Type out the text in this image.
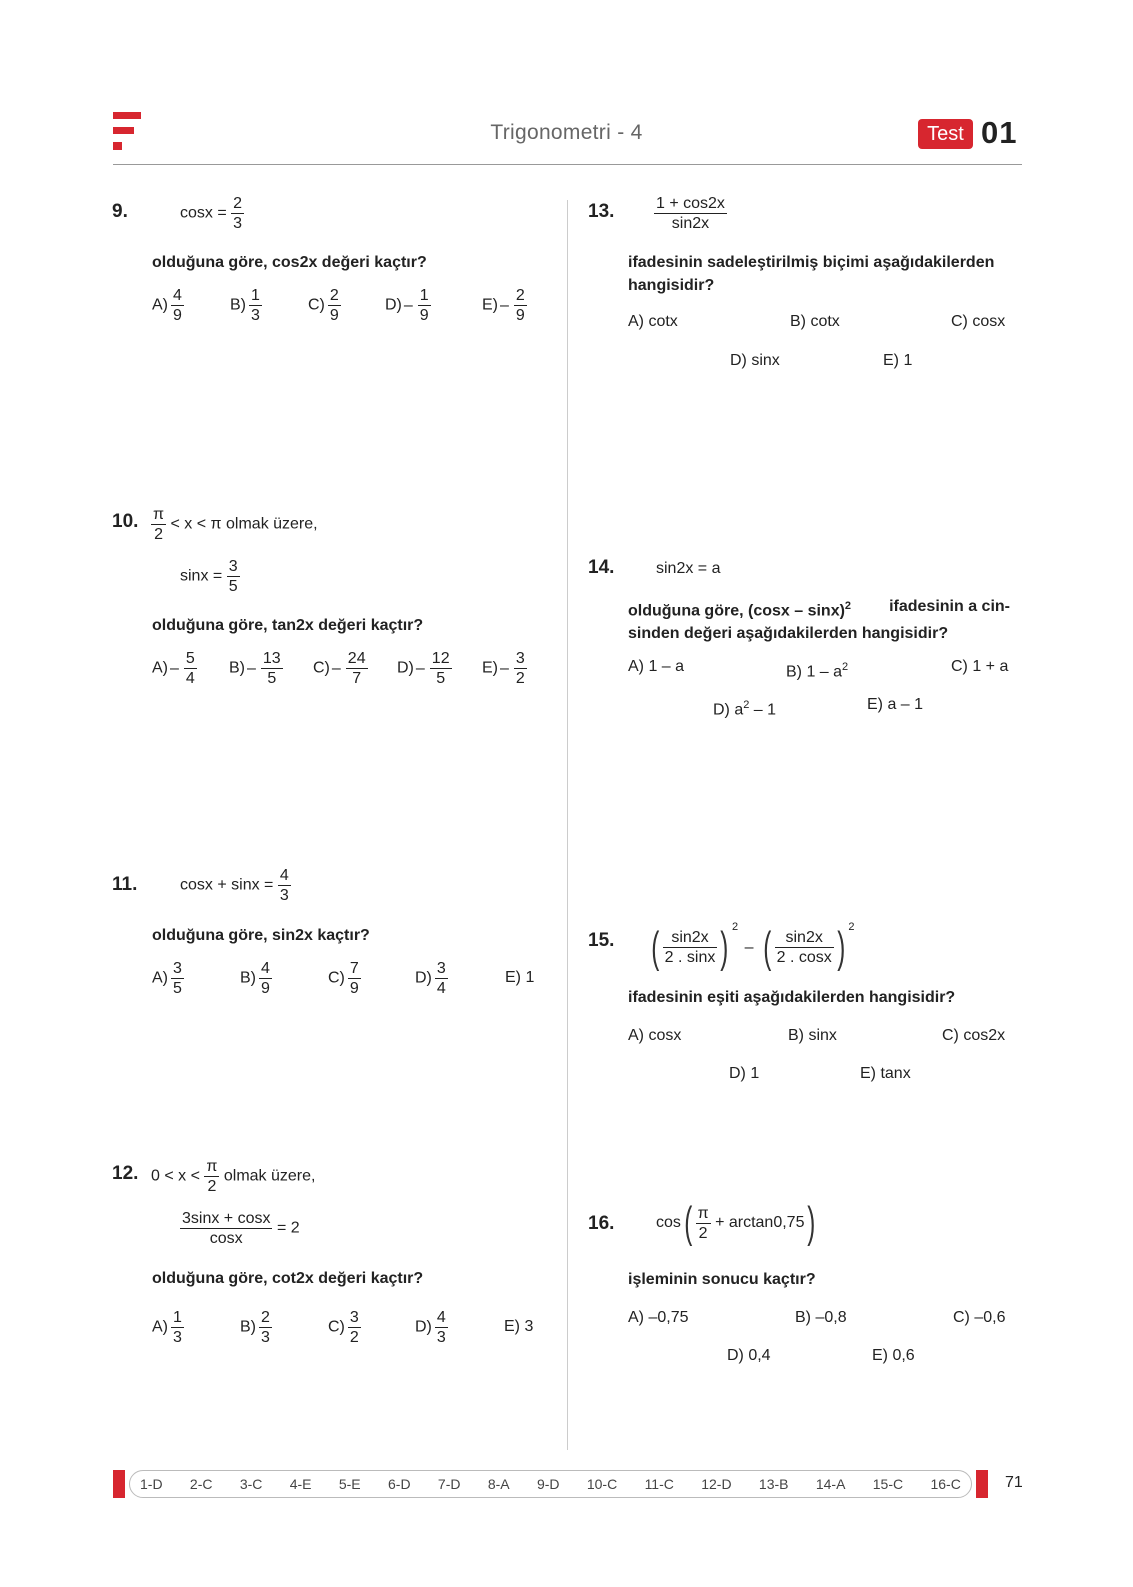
Trigonometri - 4	Test 01
9.	$\cos x = \frac{2}{3}$
olduğuna göre, cos2x değeri kaçtır?
$A) \frac{4}{9}$	$B) \frac{1}{3}$	$C) \frac{2}{9}$	$D) - \frac{1}{9}$	$E) - \frac{2}{9}$
10. $\frac{\pi}{2} < x < \pi$ olmak üzere,
$\sin x = \frac{3}{5}$
olduğuna göre, tan2x değeri kaçtır?
$A) - \frac{5}{4} B) - \frac{13}{5} C) - \frac{24}{7} D) - \frac{12}{5} E) - \frac{3}{2}$
11.	$\cos x + \sin x = \frac{4}{3}$
olduğuna göre, sin2x kaçtır?
$A) \frac{3}{5}$	$B) \frac{4}{9}$	$C) \frac{7}{9}$	$D) \frac{3}{4}$	E) 1
12. $0 < x < \frac{\pi}{2}$ olmak üzere,
$\frac{3\sin x + \cos x}{\cos x} = 2$
olduğuna göre, cot2x değeri kaçtır?
$A) \frac{1}{3}$	$B) \frac{2}{3}$	$C) \frac{3}{2}$	$D) \frac{4}{3}$	E) 3
13. $\frac{1 + \cos 2x}{\sin 2x}$
ifadesinin sadeleştirilmiş biçimi aşağıdakilerden
hangisidir?
A) cotx	B) cotx	C) cosx
D) sinx	E) 1
14.	sin2x = a
olduğuna göre, (cosx – sinx)$^2$ ifadesinin a cin-
sinden değeri aşağıdakilerden hangisidir?
A) 1 – a	B) $1 - a^2$	C) 1 + a
D) $a^2 - 1$	E) a – 1
15. ( $\frac{\sin 2x}{2 . \sin x}$ ) $^2$ – ( $\frac{\sin 2x}{2 . \cos x}$ ) $^2$
ifadesinin eşiti aşağıdakilerden hangisidir?
A) cosx	B) sinx	C) cos2x
D) 1	E) tanx
16.	$\cos( \frac{\pi}{2} + \arctan 0,75)$
işleminin sonucu kaçtır?
A) –0,75	B) –0,8	C) –0,6
D) 0,4	E) 0,6
1-D 2-C 3-C 4-E 5-E 6-D 7-D 8-A 9-D 10-C 11-C 12-D 13-B 14-A 15-C 16-C	71
